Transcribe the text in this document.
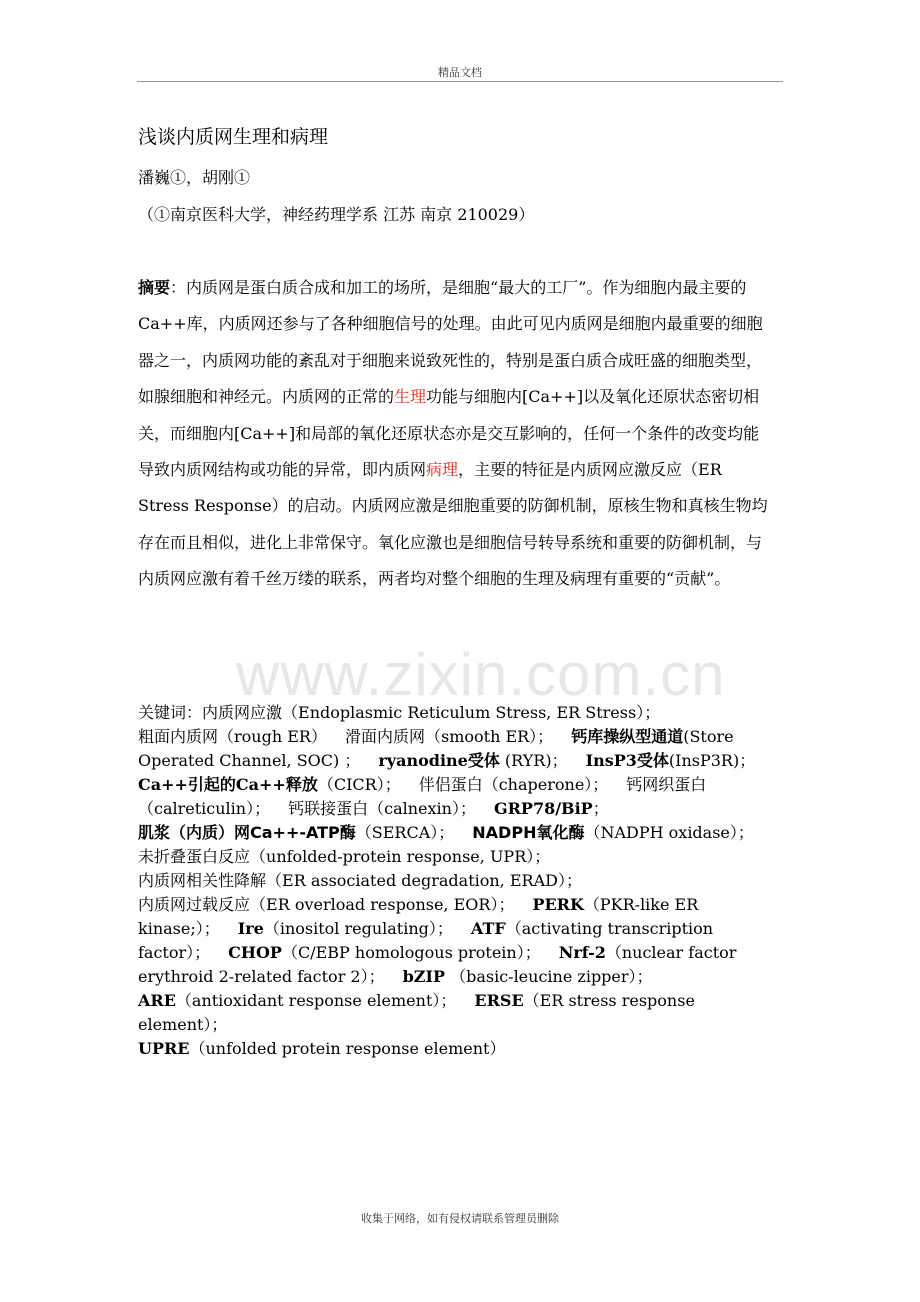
精品文档
浅谈内质网生理和病理
潘巍①，胡刚①
（①南京医科大学，神经药理学系 江苏 南京 210029）
摘要：内质网是蛋白质合成和加工的场所，是细胞“最大的工厂”。作为细胞内最主要的Ca++库，内质网还参与了各种细胞信号的处理。由此可见内质网是细胞内最重要的细胞器之一，内质网功能的紊乱对于细胞来说致死性的，特别是蛋白质合成旺盛的细胞类型，如腺细胞和神经元。内质网的正常的生理功能与细胞内[Ca++]以及氧化还原状态密切相关，而细胞内[Ca++]和局部的氧化还原状态亦是交互影响的，任何一个条件的改变均能导致内质网结构或功能的异常，即内质网病理，主要的特征是内质网应激反应（ER Stress Response）的启动。内质网应激是细胞重要的防御机制，原核生物和真核生物均存在而且相似，进化上非常保守。氧化应激也是细胞信号转导系统和重要的防御机制，与内质网应激有着千丝万缕的联系，两者均对整个细胞的生理及病理有重要的“贡献”。
www.zixin.com.cn
关键词：内质网应激（Endoplasmic Reticulum Stress, ER Stress）；
粗面内质网（rough ER） 滑面内质网（smooth ER）； 钙库操纵型通道(Store Operated Channel, SOC) ； ryanodine受体 (RYR)； InsP3受体(InsP3R)；Ca++引起的Ca++释放（CICR）； 伴侣蛋白（chaperone）； 钙网织蛋白（calreticulin）； 钙联接蛋白（calnexin）； GRP78/BiP；
肌浆（内质）网Ca++-ATP酶（SERCA）； NADPH氧化酶（NADPH oxidase）；未折叠蛋白反应（unfolded-protein response, UPR）；
内质网相关性降解（ER associated degradation, ERAD）；
内质网过载反应（ER overload response, EOR）； PERK（PKR-like ER kinase;）； Ire（inositol regulating）； ATF（activating transcription factor）； CHOP（C/EBP homologous protein）； Nrf-2（nuclear factor erythroid 2-related factor 2）； bZIP （basic-leucine zipper）；
ARE（antioxidant response element）； ERSE（ER stress response element）；
UPRE（unfolded protein response element）
收集于网络，如有侵权请联系管理员删除
